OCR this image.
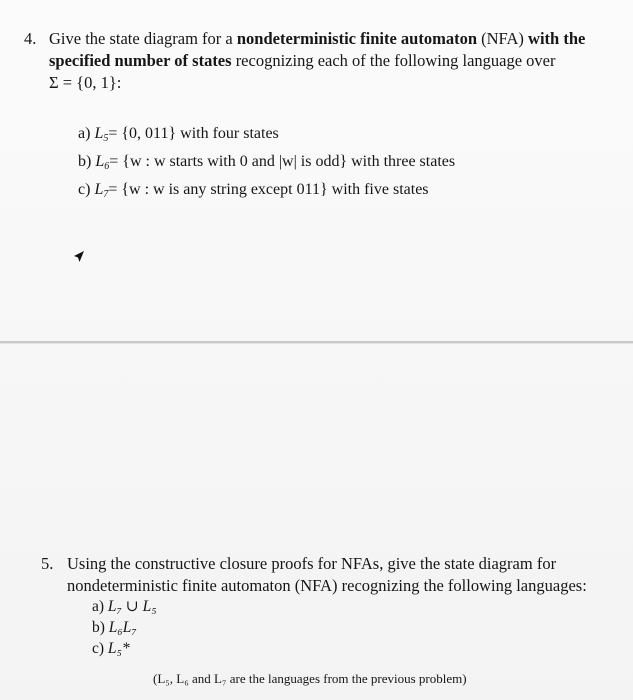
4. Give the state diagram for a nondeterministic finite automaton (NFA) with the specified number of states recognizing each of the following language over
Σ = {0, 1}:
a) $L_5= \{0$, 011} with four states
b) $L_6= \{w$ : w starts with 0 and |w| is odd} with three states
c) $L_7= \{w$ : w is any string except 011} with five states
5. Using the constructive closure proofs for NFAs, give the state diagram for nondeterministic finite automaton (NFA) recognizing the following languages:
a) L₇ ∪ L₅
b) L₆L₇
c) L₅*
(L₅, L₆ and L₇ are the languages from the previous problem)
